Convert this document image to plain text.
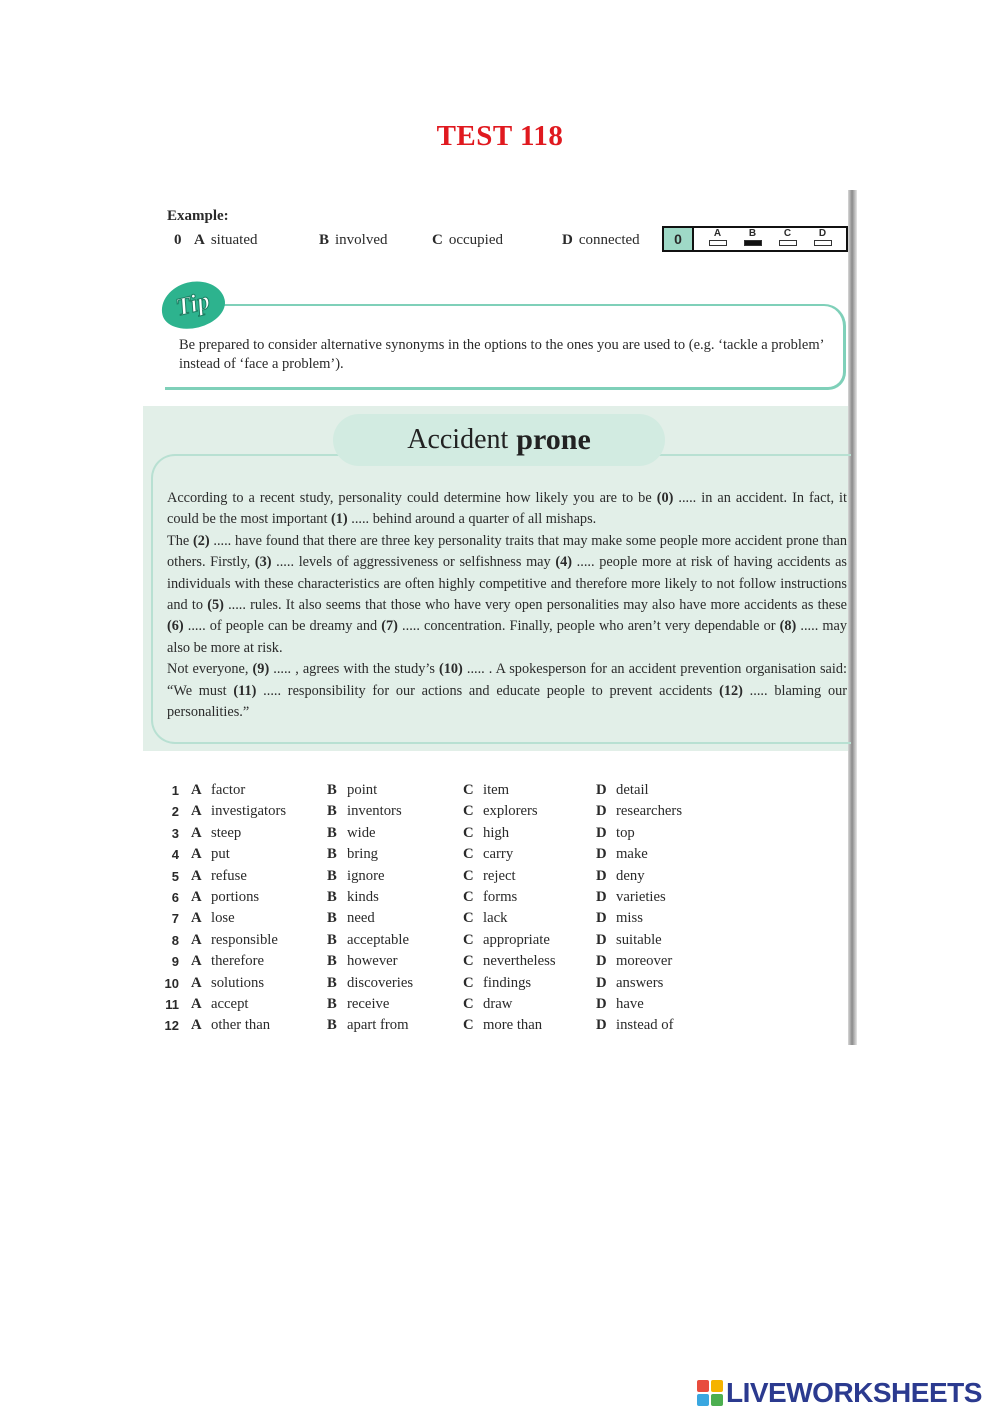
TEST 118
Example:
0 A situated	B involved	C occupied	D connected	0	A	B	C	D
Tip

Be prepared to consider alternative synonyms in the options to the ones you are used to (e.g. ‘tackle a problem’ instead of ‘face a problem’).

Accident prone

According to a recent study, personality could determine how likely you are to be (0) ..... in an accident. In fact, it could be the most important (1) ..... behind around a quarter of all mishaps.

The (2) ..... have found that there are three key personality traits that may make some people more accident prone than others. Firstly, (3) ..... levels of aggressiveness or selfishness may (4) ..... people more at risk of having accidents as individuals with these characteristics are often highly competitive and therefore more likely to not follow instructions and to (5) ..... rules. It also seems that those who have very open personalities may also have more accidents as these (6) ..... of people can be dreamy and (7) ..... concentration. Finally, people who aren’t very dependable or (8) ..... may also be more at risk.

Not everyone, (9) ..... , agrees with the study’s (10) ..... . A spokesperson for an accident prevention organisation said: “We must (11) ..... responsibility for our actions and educate people to prevent accidents (12) ..... blaming our personalities.”

1 A factor	B point	C item	D detail
2 A investigators	B inventors	C explorers	D researchers
3 A steep	B wide	C high	D top
4 A put	B bring	C carry	D make
5 A refuse	B ignore	C reject	D deny
6 A portions	B kinds	C forms	D varieties
7 A lose	B need	C lack	D miss
8 A responsible	B acceptable	C appropriate	D suitable
9 A therefore	B however	C nevertheless	D moreover
10 A solutions	B discoveries	C findings	D answers
11 A accept	B receive	C draw	D have
12 A other than	B apart from	C more than	D instead of
LIVEWORKSHEETS
